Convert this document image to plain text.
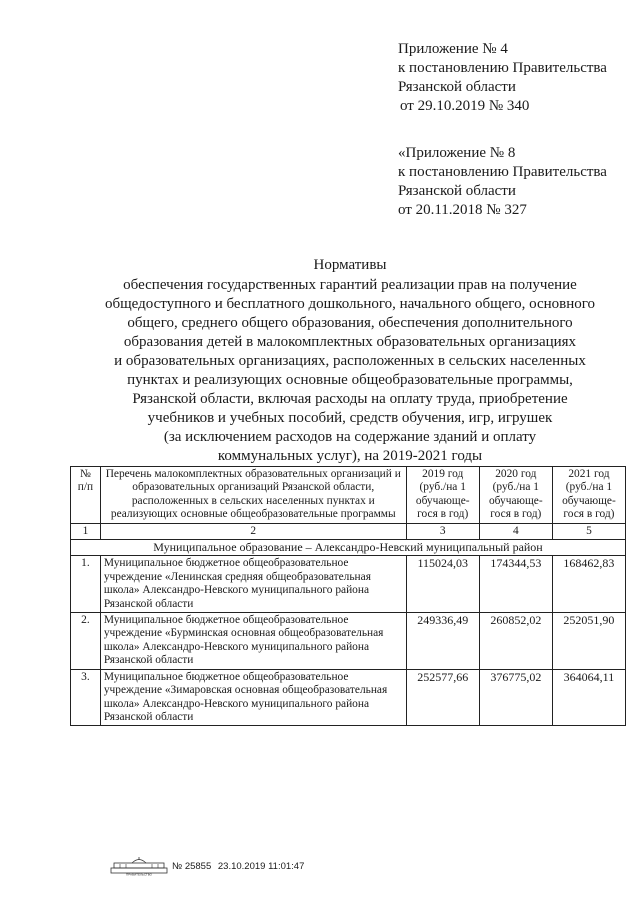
Приложение № 4
к постановлению Правительства
Рязанской области
от 29.10.2019 № 340
«Приложение № 8
к постановлению Правительства
Рязанской области
от 20.11.2018 № 327
Нормативы
обеспечения государственных гарантий реализации прав на получение
общедоступного и бесплатного дошкольного, начального общего, основного
общего, среднего общего образования, обеспечения дополнительного
образования детей в малокомплектных образовательных организациях
и образовательных организациях, расположенных в сельских населенных
пунктах и реализующих основные общеобразовательные программы,
Рязанской области, включая расходы на оплату труда, приобретение
учебников и учебных пособий, средств обучения, игр, игрушек
(за исключением расходов на содержание зданий и оплату
коммунальных услуг), на 2019-2021 годы
№ п/п	Перечень малокомплектных образовательных организаций и образовательных организаций Рязанской области, расположенных в сельских населенных пунктах и реализующих основные общеобразовательные программы	2019 год (руб./на 1 обучающе-гося в год)	2020 год (руб./на 1 обучающе-гося в год)	2021 год (руб./на 1 обучающе-гося в год)
1	2	3	4	5
Муниципальное образование – Александро-Невский муниципальный район				
1.	Муниципальное бюджетное общеобразовательное учреждение «Ленинская средняя общеобразовательная школа» Александро-Невского муниципального района Рязанской области	115024,03	174344,53	168462,83
2.	Муниципальное бюджетное общеобразовательное учреждение «Бурминская основная общеобразовательная школа» Александро-Невского муниципального района Рязанской области	249336,49	260852,02	252051,90
3.	Муниципальное бюджетное общеобразовательное учреждение «Зимаровская основная общеобразовательная школа» Александро-Невского муниципального района Рязанской области	252577,66	376775,02	364064,11
ПРАВИТЕЛЬСТВО
№ 25855 23.10.2019 11:01:47
